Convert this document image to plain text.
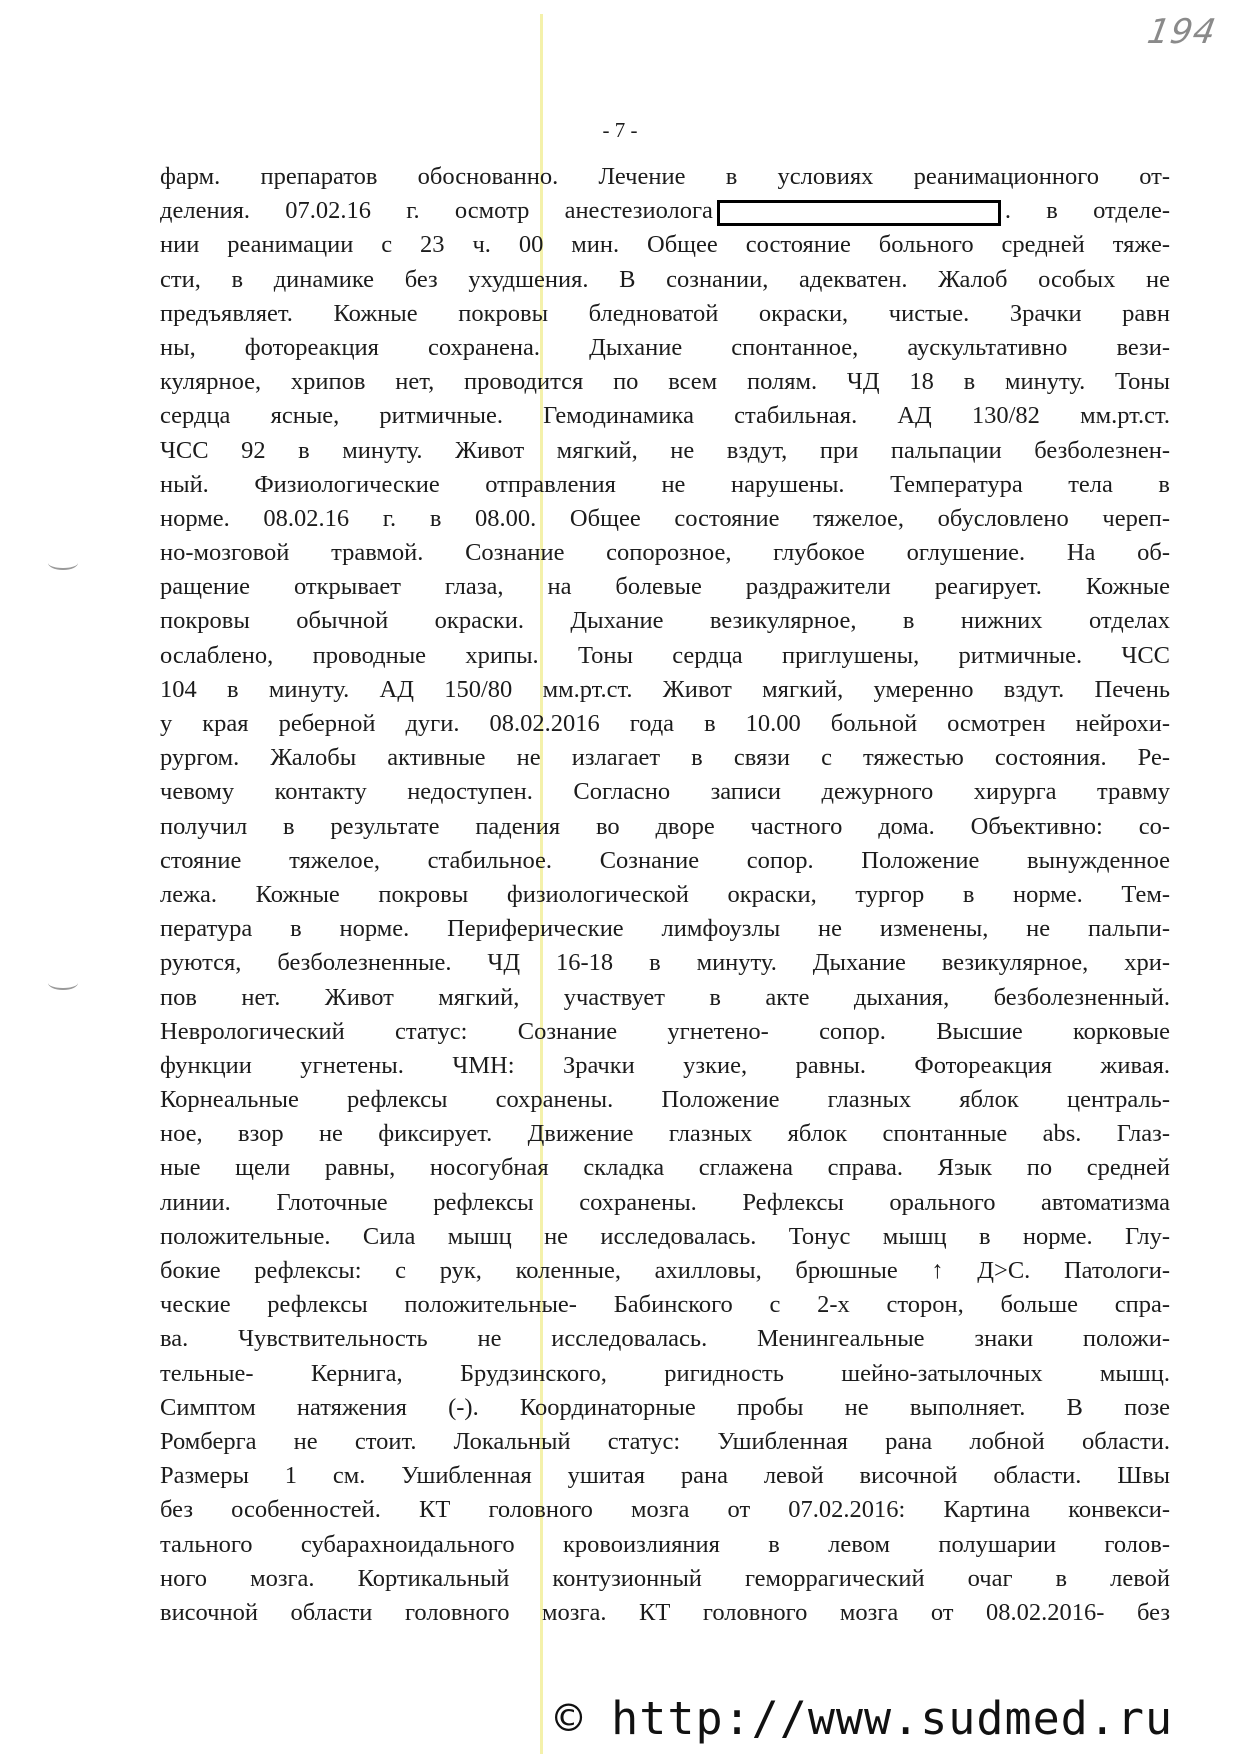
194
- 7 -
фарм. препаратов обоснованно. Лечение в условиях реанимационного от-
деления. 07.02.16 г. осмотр анестезиолога	. в отделе-
нии реанимации с 23 ч. 00 мин. Общее состояние больного средней тяже-
сти, в динамике без ухудшения. В сознании, адекватен. Жалоб особых не
предъявляет. Кожные покровы бледноватой окраски, чистые. Зрачки равн
ны, фотореакция сохранена. Дыхание спонтанное, аускультативно вези-
кулярное, хрипов нет, проводится по всем полям. ЧД 18 в минуту. Тоны
сердца ясные, ритмичные. Гемодинамика стабильная. АД 130/82 мм.рт.ст.
ЧСС 92 в минуту. Живот мягкий, не вздут, при пальпации безболезнен-
ный. Физиологические отправления не нарушены. Температура тела в
норме. 08.02.16 г. в 08.00. Общее состояние тяжелое, обусловлено череп-
но-мозговой травмой. Сознание сопорозное, глубокое оглушение. На об-
ращение открывает глаза, на болевые раздражители реагирует. Кожные
покровы обычной окраски. Дыхание везикулярное, в нижних отделах
ослаблено, проводные хрипы. Тоны сердца приглушены, ритмичные. ЧСС
104 в минуту. АД 150/80 мм.рт.ст. Живот мягкий, умеренно вздут. Печень
у края реберной дуги. 08.02.2016 года в 10.00 больной осмотрен нейрохи-
рургом. Жалобы активные не излагает в связи с тяжестью состояния. Ре-
чевому контакту недоступен. Согласно записи дежурного хирурга травму
получил в результате падения во дворе частного дома. Объективно: со-
стояние тяжелое, стабильное. Сознание сопор. Положение вынужденное
лежа. Кожные покровы физиологической окраски, тургор в норме. Тем-
пература в норме. Периферические лимфоузлы не изменены, не пальпи-
руются, безболезненные. ЧД 16-18 в минуту. Дыхание везикулярное, хри-
пов нет. Живот мягкий, участвует в акте дыхания, безболезненный.
Неврологический статус: Сознание угнетено- сопор. Высшие корковые
функции угнетены. ЧМН: Зрачки узкие, равны. Фотореакция живая.
Корнеальные рефлексы сохранены. Положение глазных яблок централь-
ное, взор не фиксирует. Движение глазных яблок спонтанные abs. Глаз-
ные щели равны, носогубная складка сглажена справа. Язык по средней
линии. Глоточные рефлексы сохранены. Рефлексы орального автоматизма
положительные. Сила мышц не исследовалась. Тонус мышц в норме. Глу-
бокие рефлексы: с рук, коленные, ахилловы, брюшные ↑ Д>С. Патологи-
ческие рефлексы положительные- Бабинского с 2-х сторон, больше спра-
ва. Чувствительность не исследовалась. Менингеальные знаки положи-
тельные- Кернига, Брудзинского, ригидность шейно-затылочных мышц.
Симптом натяжения (-). Координаторные пробы не выполняет. В позе
Ромберга не стоит. Локальный статус: Ушибленная рана лобной области.
Размеры 1 см. Ушибленная ушитая рана левой височной области. Швы
без особенностей. КТ головного мозга от 07.02.2016: Картина конвекси-
тального субарахноидального кровоизлияния в левом полушарии голов-
ного мозга. Кортикальный контузионный геморрагический очаг в левой
височной области головного мозга. КТ головного мозга от 08.02.2016- без
© http://www.sudmed.ru
